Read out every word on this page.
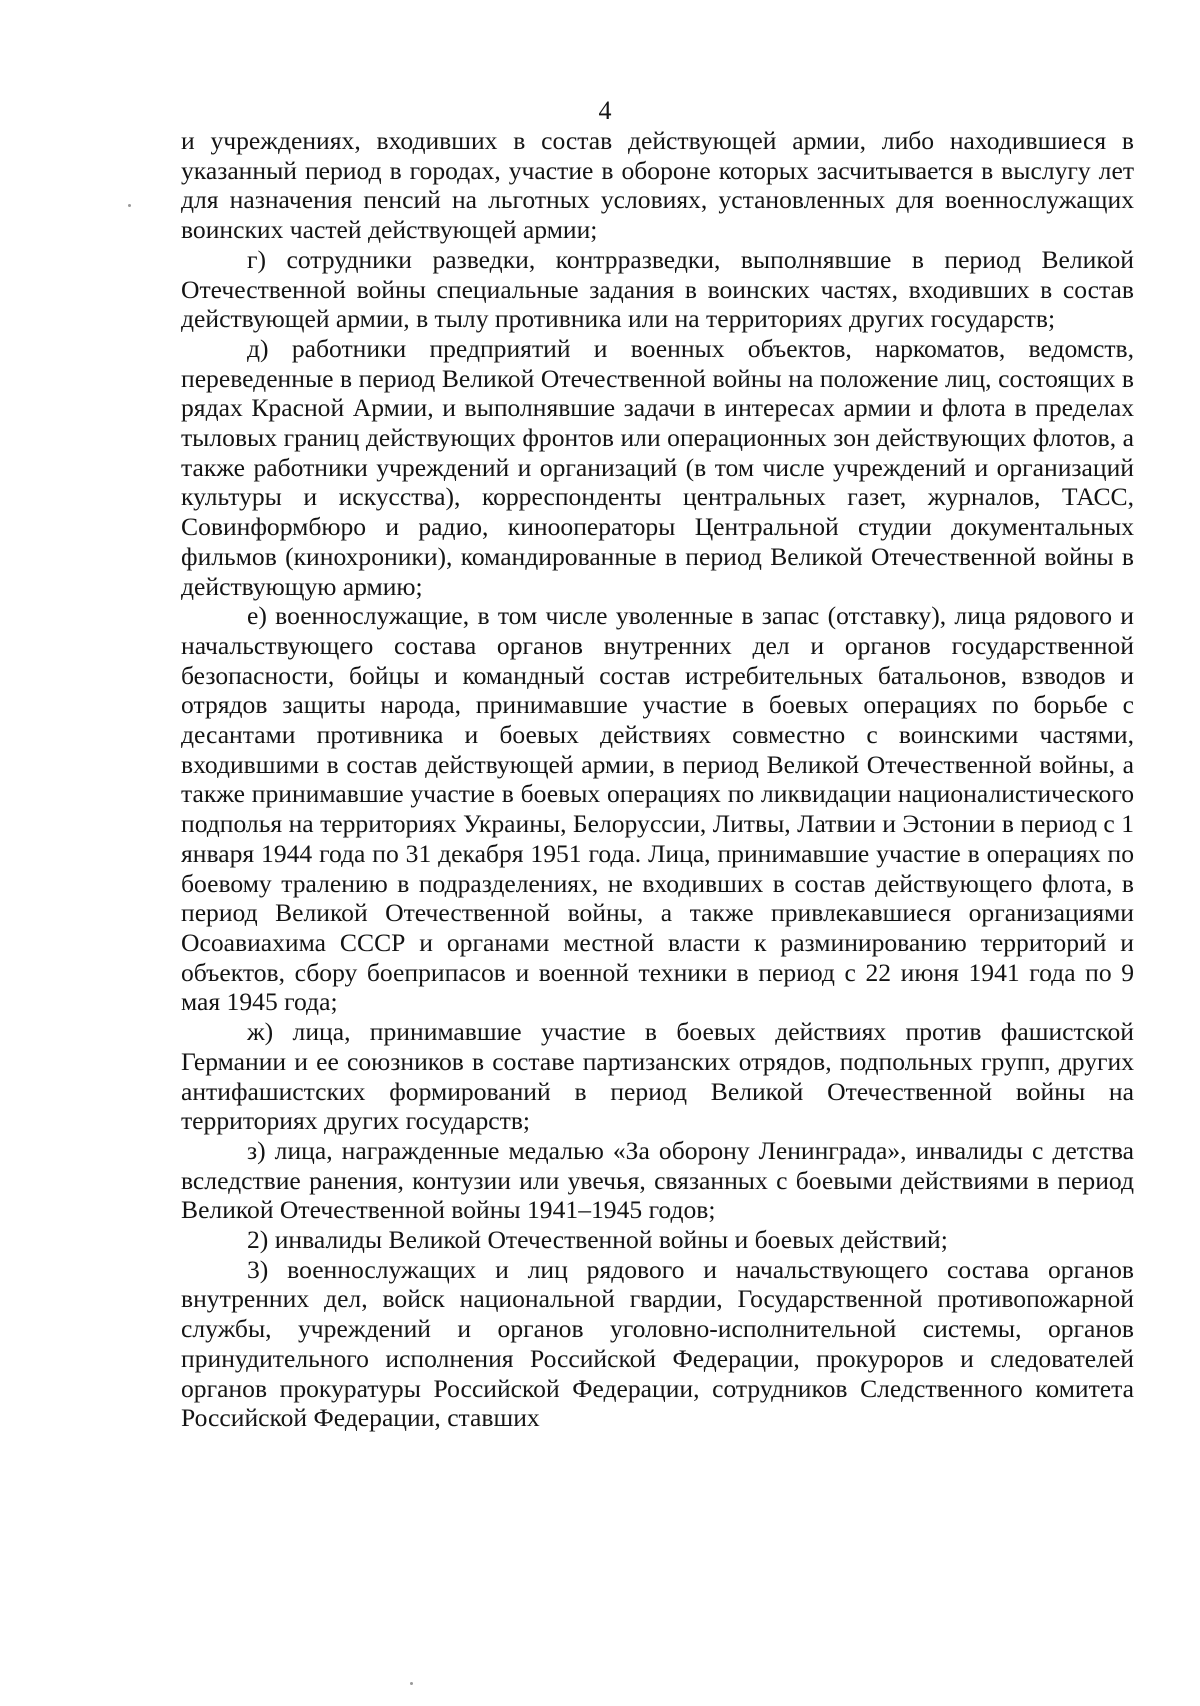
4

и учреждениях, входивших в состав действующей армии, либо находившиеся в указанный период в городах, участие в обороне которых засчитывается в выслугу лет для назначения пенсий на льготных условиях, установленных для военнослужащих воинских частей действующей армии;

г) сотрудники разведки, контрразведки, выполнявшие в период Великой Отечественной войны специальные задания в воинских частях, входивших в состав действующей армии, в тылу противника или на территориях других государств;

д) работники предприятий и военных объектов, наркоматов, ведомств, переведенные в период Великой Отечественной войны на положение лиц, состоящих в рядах Красной Армии, и выполнявшие задачи в интересах армии и флота в пределах тыловых границ действующих фронтов или операционных зон действующих флотов, а также работники учреждений и организаций (в том числе учреждений и организаций культуры и искусства), корреспонденты центральных газет, журналов, ТАСС, Совинформбюро и радио, кинооператоры Центральной студии документальных фильмов (кинохроники), командированные в период Великой Отечественной войны в действующую армию;

е) военнослужащие, в том числе уволенные в запас (отставку), лица рядового и начальствующего состава органов внутренних дел и органов государственной безопасности, бойцы и командный состав истребительных батальонов, взводов и отрядов защиты народа, принимавшие участие в боевых операциях по борьбе с десантами противника и боевых действиях совместно с воинскими частями, входившими в состав действующей армии, в период Великой Отечественной войны, а также принимавшие участие в боевых операциях по ликвидации националистического подполья на территориях Украины, Белоруссии, Литвы, Латвии и Эстонии в период с 1 января 1944 года по 31 декабря 1951 года. Лица, принимавшие участие в операциях по боевому тралению в подразделениях, не входивших в состав действующего флота, в период Великой Отечественной войны, а также привлекавшиеся организациями Осоавиахима СССР и органами местной власти к разминированию территорий и объектов, сбору боеприпасов и военной техники в период с 22 июня 1941 года по 9 мая 1945 года;

ж) лица, принимавшие участие в боевых действиях против фашистской Германии и ее союзников в составе партизанских отрядов, подпольных групп, других антифашистских формирований в период Великой Отечественной войны на территориях других государств;

з) лица, награжденные медалью «За оборону Ленинграда», инвалиды с детства вследствие ранения, контузии или увечья, связанных с боевыми действиями в период Великой Отечественной войны 1941–1945 годов;

2) инвалиды Великой Отечественной войны и боевых действий;

3) военнослужащих и лиц рядового и начальствующего состава органов внутренних дел, войск национальной гвардии, Государственной противопожарной службы, учреждений и органов уголовно-исполнительной системы, органов принудительного исполнения Российской Федерации, прокуроров и следователей органов прокуратуры Российской Федерации, сотрудников Следственного комитета Российской Федерации, ставших
